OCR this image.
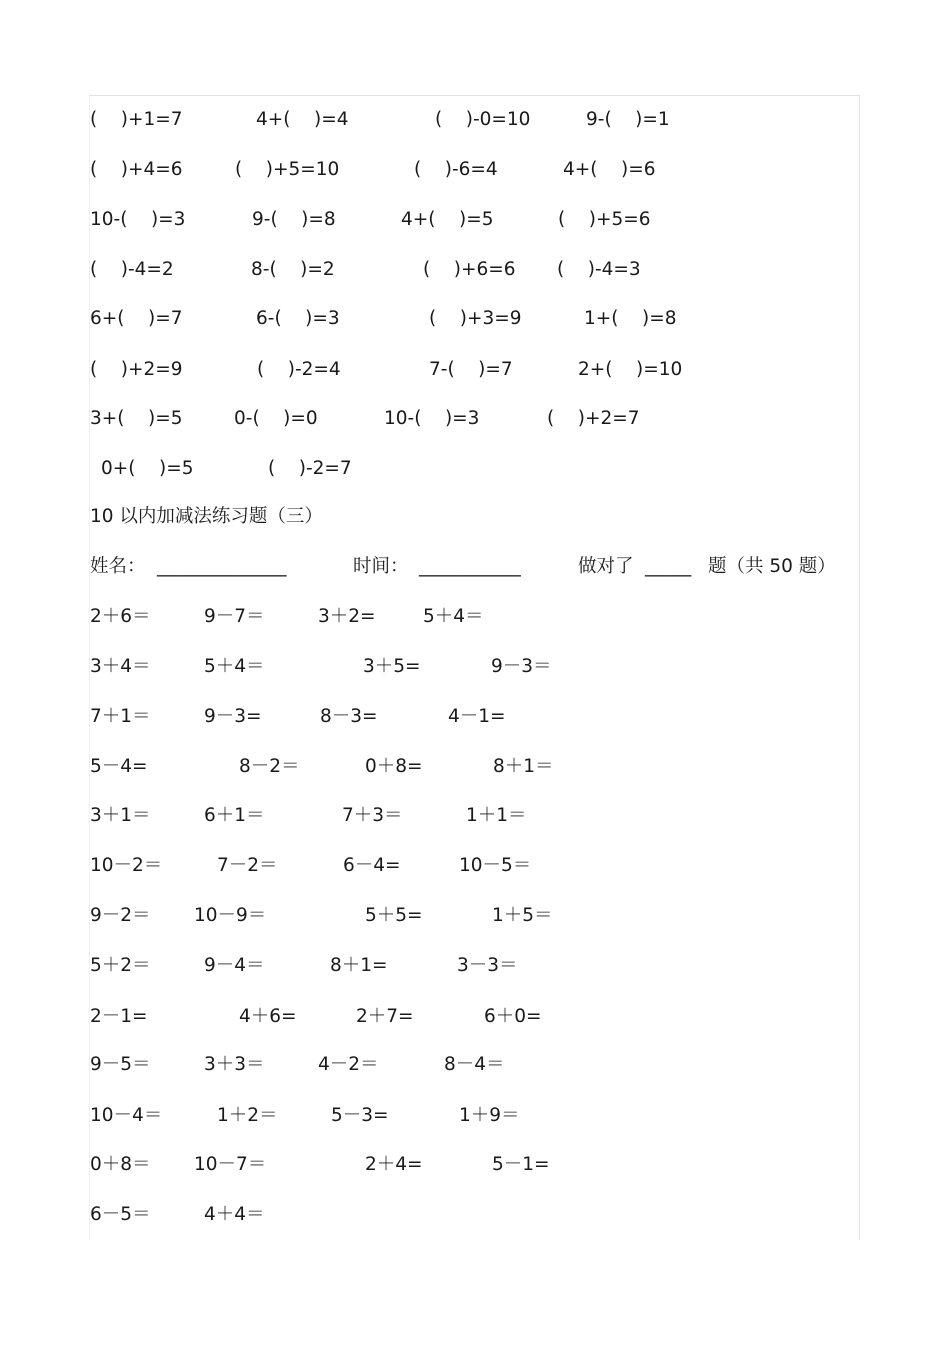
(    )+1=7	4+(    )=4	(    )-0=10	9-(    )=1
(    )+4=6	(    )+5=10	(    )-6=4	4+(    )=6
10-(    )=3	9-(    )=8	4+(    )=5	(    )+5=6
(    )-4=2	8-(    )=2	(    )+6=6 (    )-4=3
6+(    )=7	6-(    )=3	(    )+3=9	1+(    )=8
(    )+2=9	(    )-2=4	7-(    )=7	2+(    )=10
3+(    )=5	0-(    )=0	10-(    )=3	(    )+2=7
0+(    )=5	(    )-2=7
10 以内加减法练习题（三）
姓名： ______________	时间： ___________	做对了 _____ 题（共 50 题）
2＋6＝	9－7＝	3＋2=	5＋4＝
3＋4＝	5＋4＝	3＋5=	9－3＝
7＋1＝	9－3=	8－3=	4－1=
5－4=	8－2＝	0＋8=	8＋1＝
3＋1＝	6＋1＝	7＋3＝	1＋1＝
10－2＝	7－2＝	6－4=	10－5＝
9－2＝ 10－9＝	5＋5=	1＋5＝
5＋2＝	9－4＝	8＋1=	3－3＝
2－1=	4＋6=	2＋7=	6＋0=
9－5＝	3＋3＝	4－2＝	8－4＝
10－4＝	1＋2＝	5－3=	1＋9＝
0＋8＝ 10－7＝	2＋4=	5－1=
6－5＝	4＋4＝
